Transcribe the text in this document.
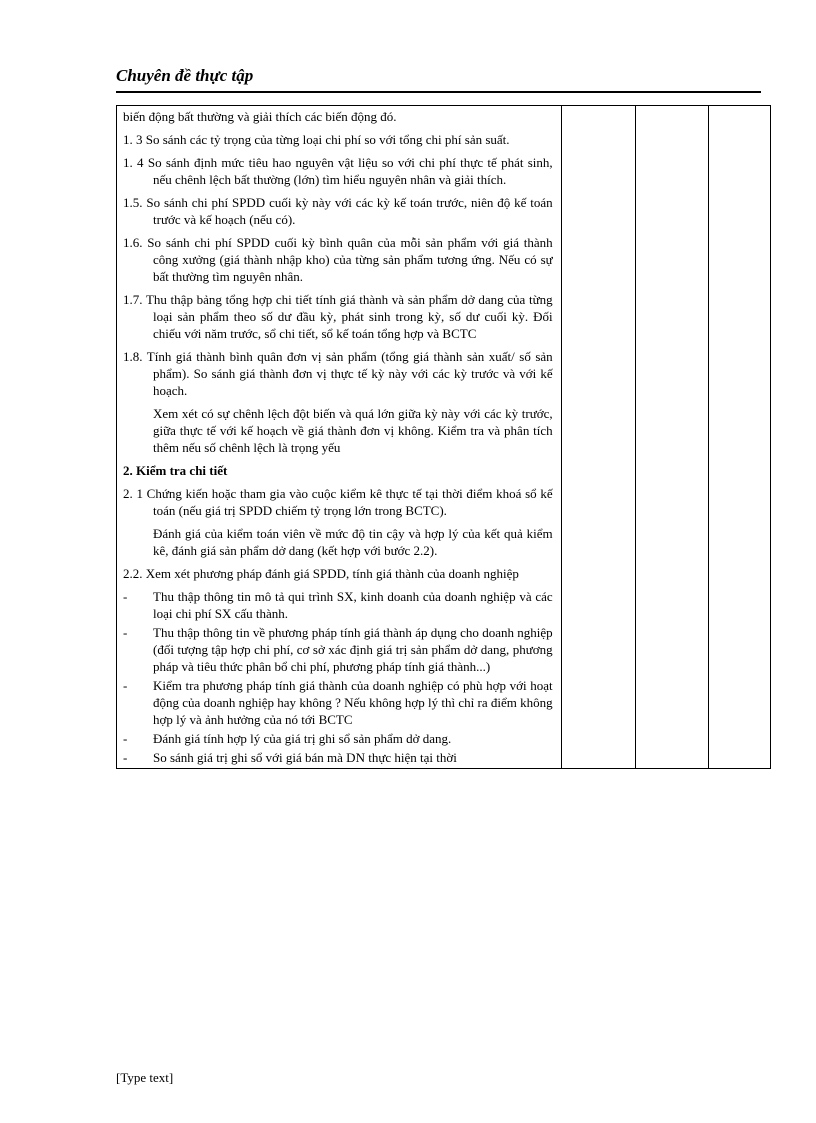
Chuyên đề thực tập

biến động bất thường và giải thích các biến động đó.

1. 3 So sánh các tỷ trọng của từng loại chi phí so với tổng chi phí sản suất.

1. 4 So sánh định mức tiêu hao nguyên vật liệu so với chi phí thực tế phát sinh, nếu chênh lệch bất thường (lớn) tìm hiểu nguyên nhân và giải thích.

1.5. So sánh chi phí SPDD cuối kỳ này với các kỳ kế toán trước, niên độ kế toán trước và kế hoạch (nếu có).

1.6. So sánh chi phí SPDD cuối kỳ bình quân của mỗi sản phẩm với giá thành công xưởng (giá thành nhập kho) của từng sản phẩm tương ứng. Nếu có sự bất thường tìm nguyên nhân.

1.7. Thu thập bảng tổng hợp chi tiết tính giá thành và sản phẩm dở dang của từng loại sản phẩm theo số dư đầu kỳ, phát sinh trong kỳ, số dư cuối kỳ. Đối chiếu với năm trước, sổ chi tiết, sổ kế toán tổng hợp và BCTC

1.8. Tính giá thành bình quân đơn vị sản phẩm (tổng giá thành sản xuất/ số sản phẩm). So sánh giá thành đơn vị thực tế kỳ này với các kỳ trước và với kế hoạch.

Xem xét có sự chênh lệch đột biến và quá lớn giữa kỳ này với các kỳ trước, giữa thực tế với kế hoạch về giá thành đơn vị không. Kiểm tra và phân tích thêm nếu số chênh lệch là trọng yếu

2. Kiểm tra chi tiết

2. 1 Chứng kiến hoặc tham gia vào cuộc kiểm kê thực tế tại thời điểm khoá sổ kế toán (nếu giá trị SPDD chiếm tỷ trọng lớn trong BCTC).

Đánh giá của kiểm toán viên về mức độ tin cậy và hợp lý của kết quả kiểm kê, đánh giá sản phẩm dở dang (kết hợp với bước 2.2).

2.2. Xem xét phương pháp đánh giá SPDD, tính giá thành của doanh nghiệp

-	Thu thập thông tin mô tả qui trình SX, kinh doanh của doanh nghiệp và các loại chi phí SX cấu thành.
-	Thu thập thông tin về phương pháp tính giá thành áp dụng cho doanh nghiệp (đối tượng tập hợp chi phí, cơ sở xác định giá trị sản phẩm dở dang, phương pháp và tiêu thức phân bổ chi phí, phương pháp tính giá thành...)
-	Kiểm tra phương pháp tính giá thành của doanh nghiệp có phù hợp với hoạt động của doanh nghiệp hay không ? Nếu không hợp lý thì chỉ ra điểm không hợp lý và ảnh hưởng của nó tới BCTC
-	Đánh giá tính hợp lý của giá trị ghi sổ sản phẩm dở dang.
-	So sánh giá trị ghi sổ với giá bán mà DN thực hiện tại thời

[Type text]
